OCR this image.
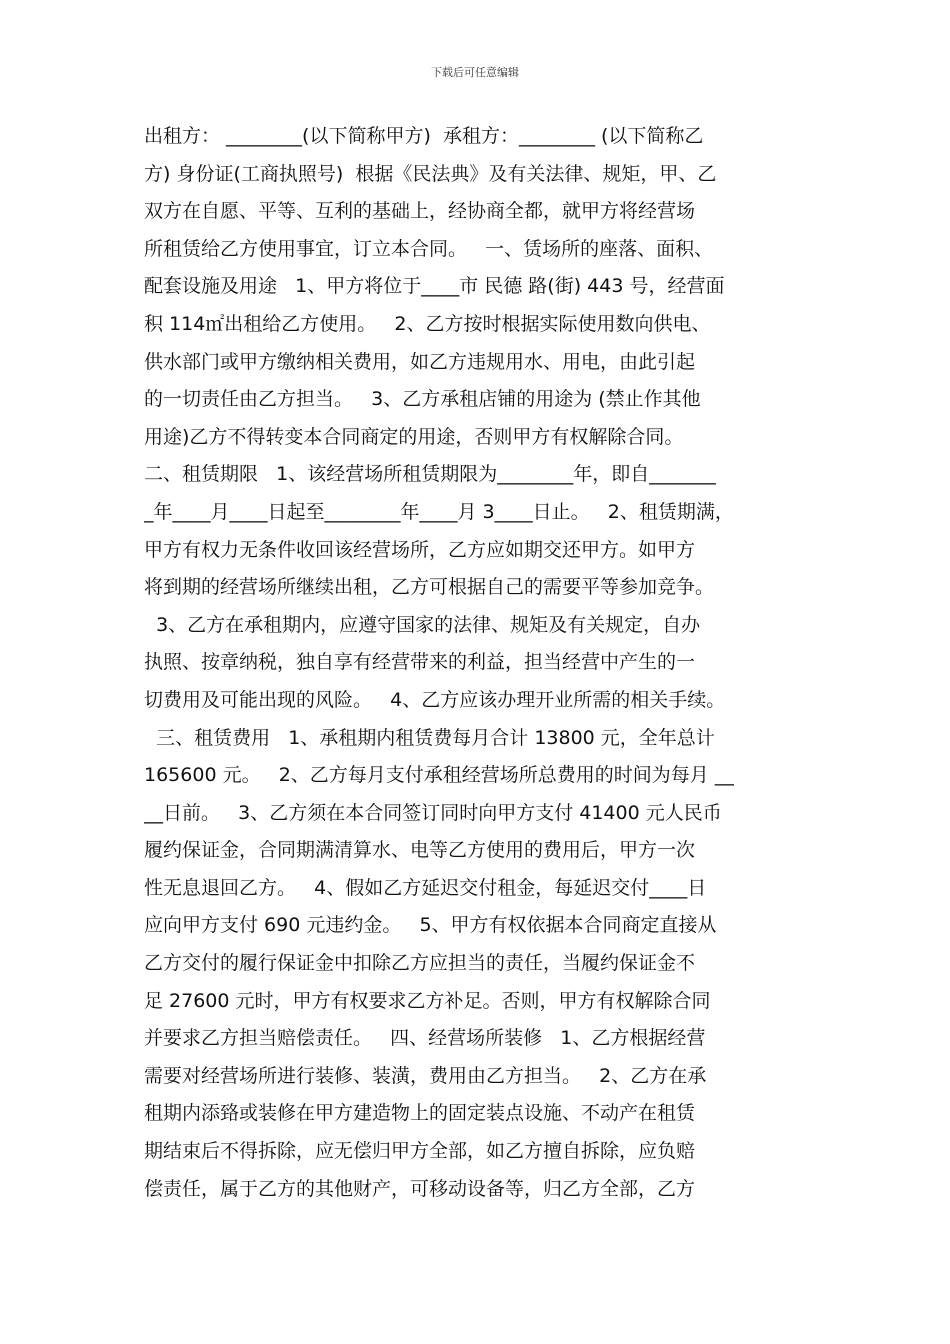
下载后可任意编辑
出租方： ________(以下简称甲方)  承租方：________ (以下简称乙
方) 身份证(工商执照号)  根据《民法典》及有关法律、规矩，甲、乙
双方在自愿、平等、互利的基础上，经协商全都，就甲方将经营场
所租赁给乙方使用事宜，订立本合同。   一、赁场所的座落、面积、
配套设施及用途   1、甲方将位于____市 民德 路(街) 443 号，经营面
积 114㎡出租给乙方使用。   2、乙方按时根据实际使用数向供电、
供水部门或甲方缴纳相关费用，如乙方违规用水、用电，由此引起
的一切责任由乙方担当。   3、乙方承租店铺的用途为 (禁止作其他
用途)乙方不得转变本合同商定的用途，否则甲方有权解除合同。
二、租赁期限   1、该经营场所租赁期限为________年，即自_______
_年____月____日起至________年____月 3____日止。   2、租赁期满，
甲方有权力无条件收回该经营场所，乙方应如期交还甲方。如甲方
将到期的经营场所继续出租，乙方可根据自己的需要平等参加竞争。
3、乙方在承租期内，应遵守国家的法律、规矩及有关规定，自办
执照、按章纳税，独自享有经营带来的利益，担当经营中产生的一
切费用及可能出现的风险。   4、乙方应该办理开业所需的相关手续。
三、租赁费用   1、承租期内租赁费每月合计 13800 元，全年总计
165600 元。   2、乙方每月支付承租经营场所总费用的时间为每月 __
__日前。   3、乙方须在本合同签订同时向甲方支付 41400 元人民币
履约保证金，合同期满清算水、电等乙方使用的费用后，甲方一次
性无息退回乙方。   4、假如乙方延迟交付租金，每延迟交付____日
应向甲方支付 690 元违约金。   5、甲方有权依据本合同商定直接从
乙方交付的履行保证金中扣除乙方应担当的责任，当履约保证金不
足 27600 元时，甲方有权要求乙方补足。否则，甲方有权解除合同
并要求乙方担当赔偿责任。   四、经营场所装修   1、乙方根据经营
需要对经营场所进行装修、装潢，费用由乙方担当。   2、乙方在承
租期内添臵或装修在甲方建造物上的固定装点设施、不动产在租赁
期结束后不得拆除，应无偿归甲方全部，如乙方擅自拆除，应负赔
偿责任，属于乙方的其他财产，可移动设备等，归乙方全部，乙方
